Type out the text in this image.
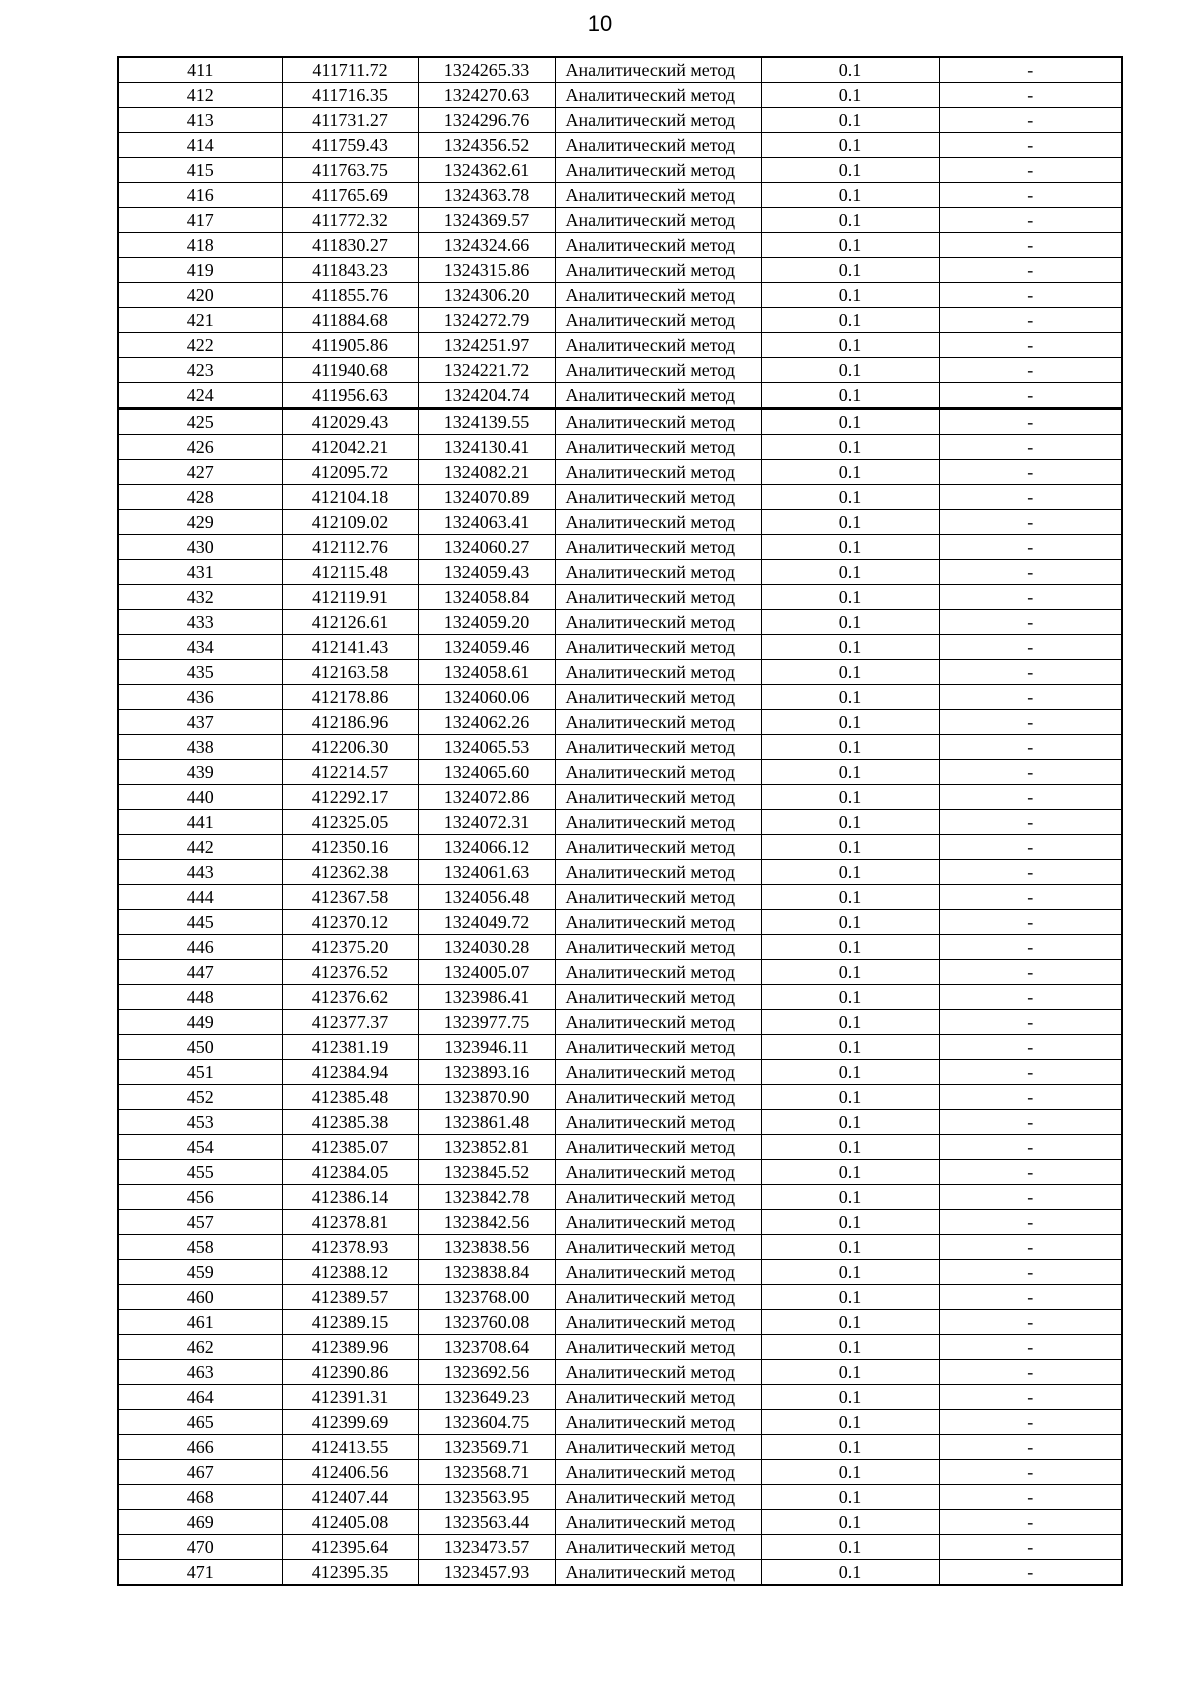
10
411	411711.72	1324265.33	Аналитический метод	0.1	-
412	411716.35	1324270.63	Аналитический метод	0.1	-
413	411731.27	1324296.76	Аналитический метод	0.1	-
414	411759.43	1324356.52	Аналитический метод	0.1	-
415	411763.75	1324362.61	Аналитический метод	0.1	-
416	411765.69	1324363.78	Аналитический метод	0.1	-
417	411772.32	1324369.57	Аналитический метод	0.1	-
418	411830.27	1324324.66	Аналитический метод	0.1	-
419	411843.23	1324315.86	Аналитический метод	0.1	-
420	411855.76	1324306.20	Аналитический метод	0.1	-
421	411884.68	1324272.79	Аналитический метод	0.1	-
422	411905.86	1324251.97	Аналитический метод	0.1	-
423	411940.68	1324221.72	Аналитический метод	0.1	-
424	411956.63	1324204.74	Аналитический метод	0.1	-
425	412029.43	1324139.55	Аналитический метод	0.1	-
426	412042.21	1324130.41	Аналитический метод	0.1	-
427	412095.72	1324082.21	Аналитический метод	0.1	-
428	412104.18	1324070.89	Аналитический метод	0.1	-
429	412109.02	1324063.41	Аналитический метод	0.1	-
430	412112.76	1324060.27	Аналитический метод	0.1	-
431	412115.48	1324059.43	Аналитический метод	0.1	-
432	412119.91	1324058.84	Аналитический метод	0.1	-
433	412126.61	1324059.20	Аналитический метод	0.1	-
434	412141.43	1324059.46	Аналитический метод	0.1	-
435	412163.58	1324058.61	Аналитический метод	0.1	-
436	412178.86	1324060.06	Аналитический метод	0.1	-
437	412186.96	1324062.26	Аналитический метод	0.1	-
438	412206.30	1324065.53	Аналитический метод	0.1	-
439	412214.57	1324065.60	Аналитический метод	0.1	-
440	412292.17	1324072.86	Аналитический метод	0.1	-
441	412325.05	1324072.31	Аналитический метод	0.1	-
442	412350.16	1324066.12	Аналитический метод	0.1	-
443	412362.38	1324061.63	Аналитический метод	0.1	-
444	412367.58	1324056.48	Аналитический метод	0.1	-
445	412370.12	1324049.72	Аналитический метод	0.1	-
446	412375.20	1324030.28	Аналитический метод	0.1	-
447	412376.52	1324005.07	Аналитический метод	0.1	-
448	412376.62	1323986.41	Аналитический метод	0.1	-
449	412377.37	1323977.75	Аналитический метод	0.1	-
450	412381.19	1323946.11	Аналитический метод	0.1	-
451	412384.94	1323893.16	Аналитический метод	0.1	-
452	412385.48	1323870.90	Аналитический метод	0.1	-
453	412385.38	1323861.48	Аналитический метод	0.1	-
454	412385.07	1323852.81	Аналитический метод	0.1	-
455	412384.05	1323845.52	Аналитический метод	0.1	-
456	412386.14	1323842.78	Аналитический метод	0.1	-
457	412378.81	1323842.56	Аналитический метод	0.1	-
458	412378.93	1323838.56	Аналитический метод	0.1	-
459	412388.12	1323838.84	Аналитический метод	0.1	-
460	412389.57	1323768.00	Аналитический метод	0.1	-
461	412389.15	1323760.08	Аналитический метод	0.1	-
462	412389.96	1323708.64	Аналитический метод	0.1	-
463	412390.86	1323692.56	Аналитический метод	0.1	-
464	412391.31	1323649.23	Аналитический метод	0.1	-
465	412399.69	1323604.75	Аналитический метод	0.1	-
466	412413.55	1323569.71	Аналитический метод	0.1	-
467	412406.56	1323568.71	Аналитический метод	0.1	-
468	412407.44	1323563.95	Аналитический метод	0.1	-
469	412405.08	1323563.44	Аналитический метод	0.1	-
470	412395.64	1323473.57	Аналитический метод	0.1	-
471	412395.35	1323457.93	Аналитический метод	0.1	-
